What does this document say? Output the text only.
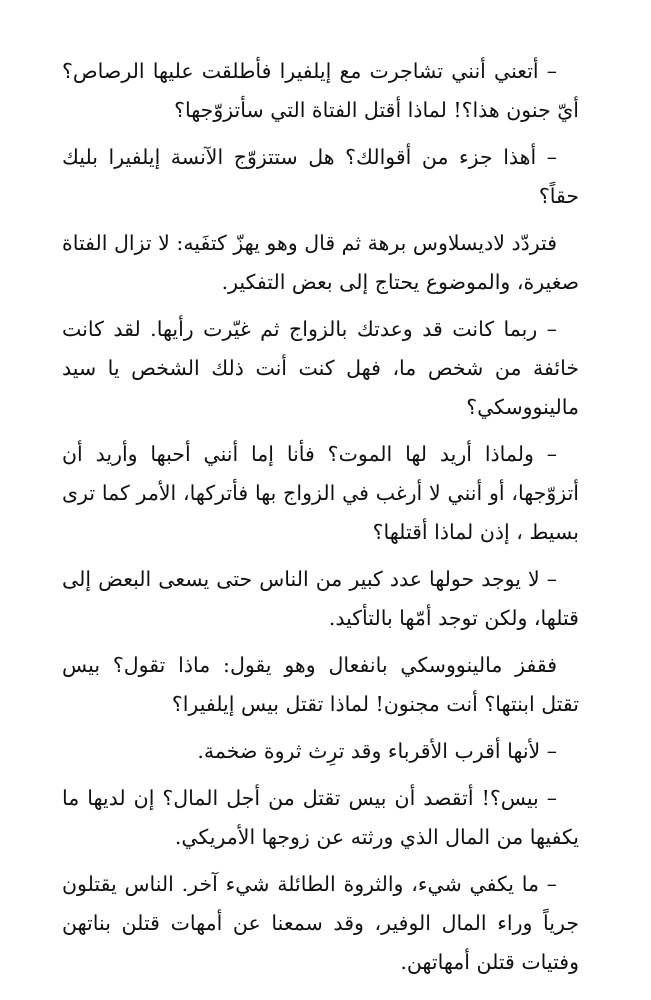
– أتعني أنني تشاجرت مع إيلفيرا فأطلقت عليها الرصاص؟ أيّ جنون هذا؟! لماذا أقتل الفتاة التي سأتزوّجها؟

– أهذا جزء من أقوالك؟ هل ستتزوّج الآنسة إيلفيرا بليك حقاً؟

فتردّد لاديسلاوس برهة ثم قال وهو يهزّ كتفَيه: لا تزال الفتاة صغيرة، والموضوع يحتاج إلى بعض التفكير.

– ربما كانت قد وعدتك بالزواج ثم غيّرت رأيها. لقد كانت خائفة من شخص ما، فهل كنت أنت ذلك الشخص يا سيد مالينووسكي؟

– ولماذا أريد لها الموت؟ فأنا إما أنني أحبها وأريد أن أتزوّجها، أو أنني لا أرغب في الزواج بها فأتركها، الأمر كما ترى بسيط ، إذن لماذا أقتلها؟

– لا يوجد حولها عدد كبير من الناس حتى يسعى البعض إلى قتلها، ولكن توجد أمّها بالتأكيد.

فقفز مالينووسكي بانفعال وهو يقول: ماذا تقول؟ بيس تقتل ابنتها؟ أنت مجنون! لماذا تقتل بيس إيلفيرا؟

– لأنها أقرب الأقرباء وقد ترِث ثروة ضخمة.

– بيس؟! أتقصد أن بيس تقتل من أجل المال؟ إن لديها ما يكفيها من المال الذي ورثته عن زوجها الأمريكي.

– ما يكفي شيء، والثروة الطائلة شيء آخر. الناس يقتلون جرياً وراء المال الوفير، وقد سمعنا عن أمهات قتلن بناتهن وفتيات قتلن أمهاتهن.
